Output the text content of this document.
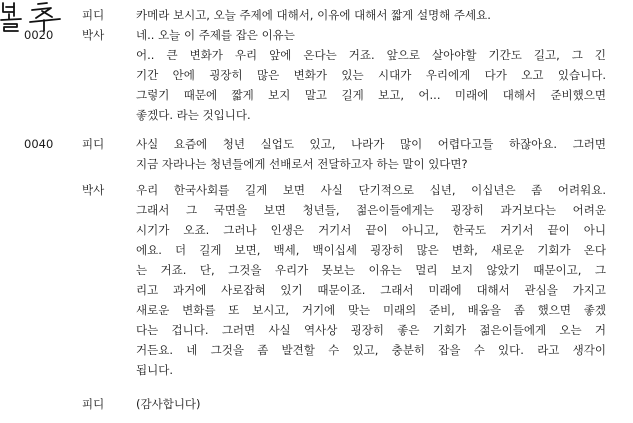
피디	카메라 보시고, 오늘 주제에 대해서, 이유에 대해서 짧게 설명해 주세요.
0020	박사	네.. 오늘 이 주제를 잡은 이유는
어.. 큰 변화가 우리 앞에 온다는 거죠. 앞으로 살아야할 기간도 길고, 그 긴
기간 안에 굉장히 많은 변화가 있는 시대가 우리에게 다가 오고 있습니다.
그렇기 때문에 짧게 보지 말고 길게 보고, 어... 미래에 대해서 준비했으면
좋겠다. 라는 것입니다.
0040	피디	사실 요즘에 청년 실업도 있고, 나라가 많이 어렵다고들 하잖아요. 그러면
지금 자라나는 청년들에게 선배로서 전달하고자 하는 말이 있다면?
박사	우리 한국사회를 길게 보면 사실 단기적으로 십년, 이십년은 좀 어려워요.
그래서 그 국면을 보면 청년들, 젊은이들에게는 굉장히 과거보다는 어려운
시기가 오죠. 그러나 인생은 거기서 끝이 아니고, 한국도 거기서 끝이 아니
에요. 더 길게 보면, 백세, 백이십세 굉장히 많은 변화, 새로운 기회가 온다
는 거죠. 단, 그것을 우리가 못보는 이유는 멀리 보지 않았기 때문이고, 그
리고 과거에 사로잡혀 있기 때문이죠. 그래서 미래에 대해서 관심을 가지고
새로운 변화를 또 보시고, 거기에 맞는 미래의 준비, 배움을 좀 했으면 좋겠
다는 겁니다. 그러면 사실 역사상 굉장히 좋은 기회가 젊은이들에게 오는 거
거든요. 네 그것을 좀 발견할 수 있고, 충분히 잡을 수 있다. 라고 생각이
됩니다.
피디	(감사합니다)
